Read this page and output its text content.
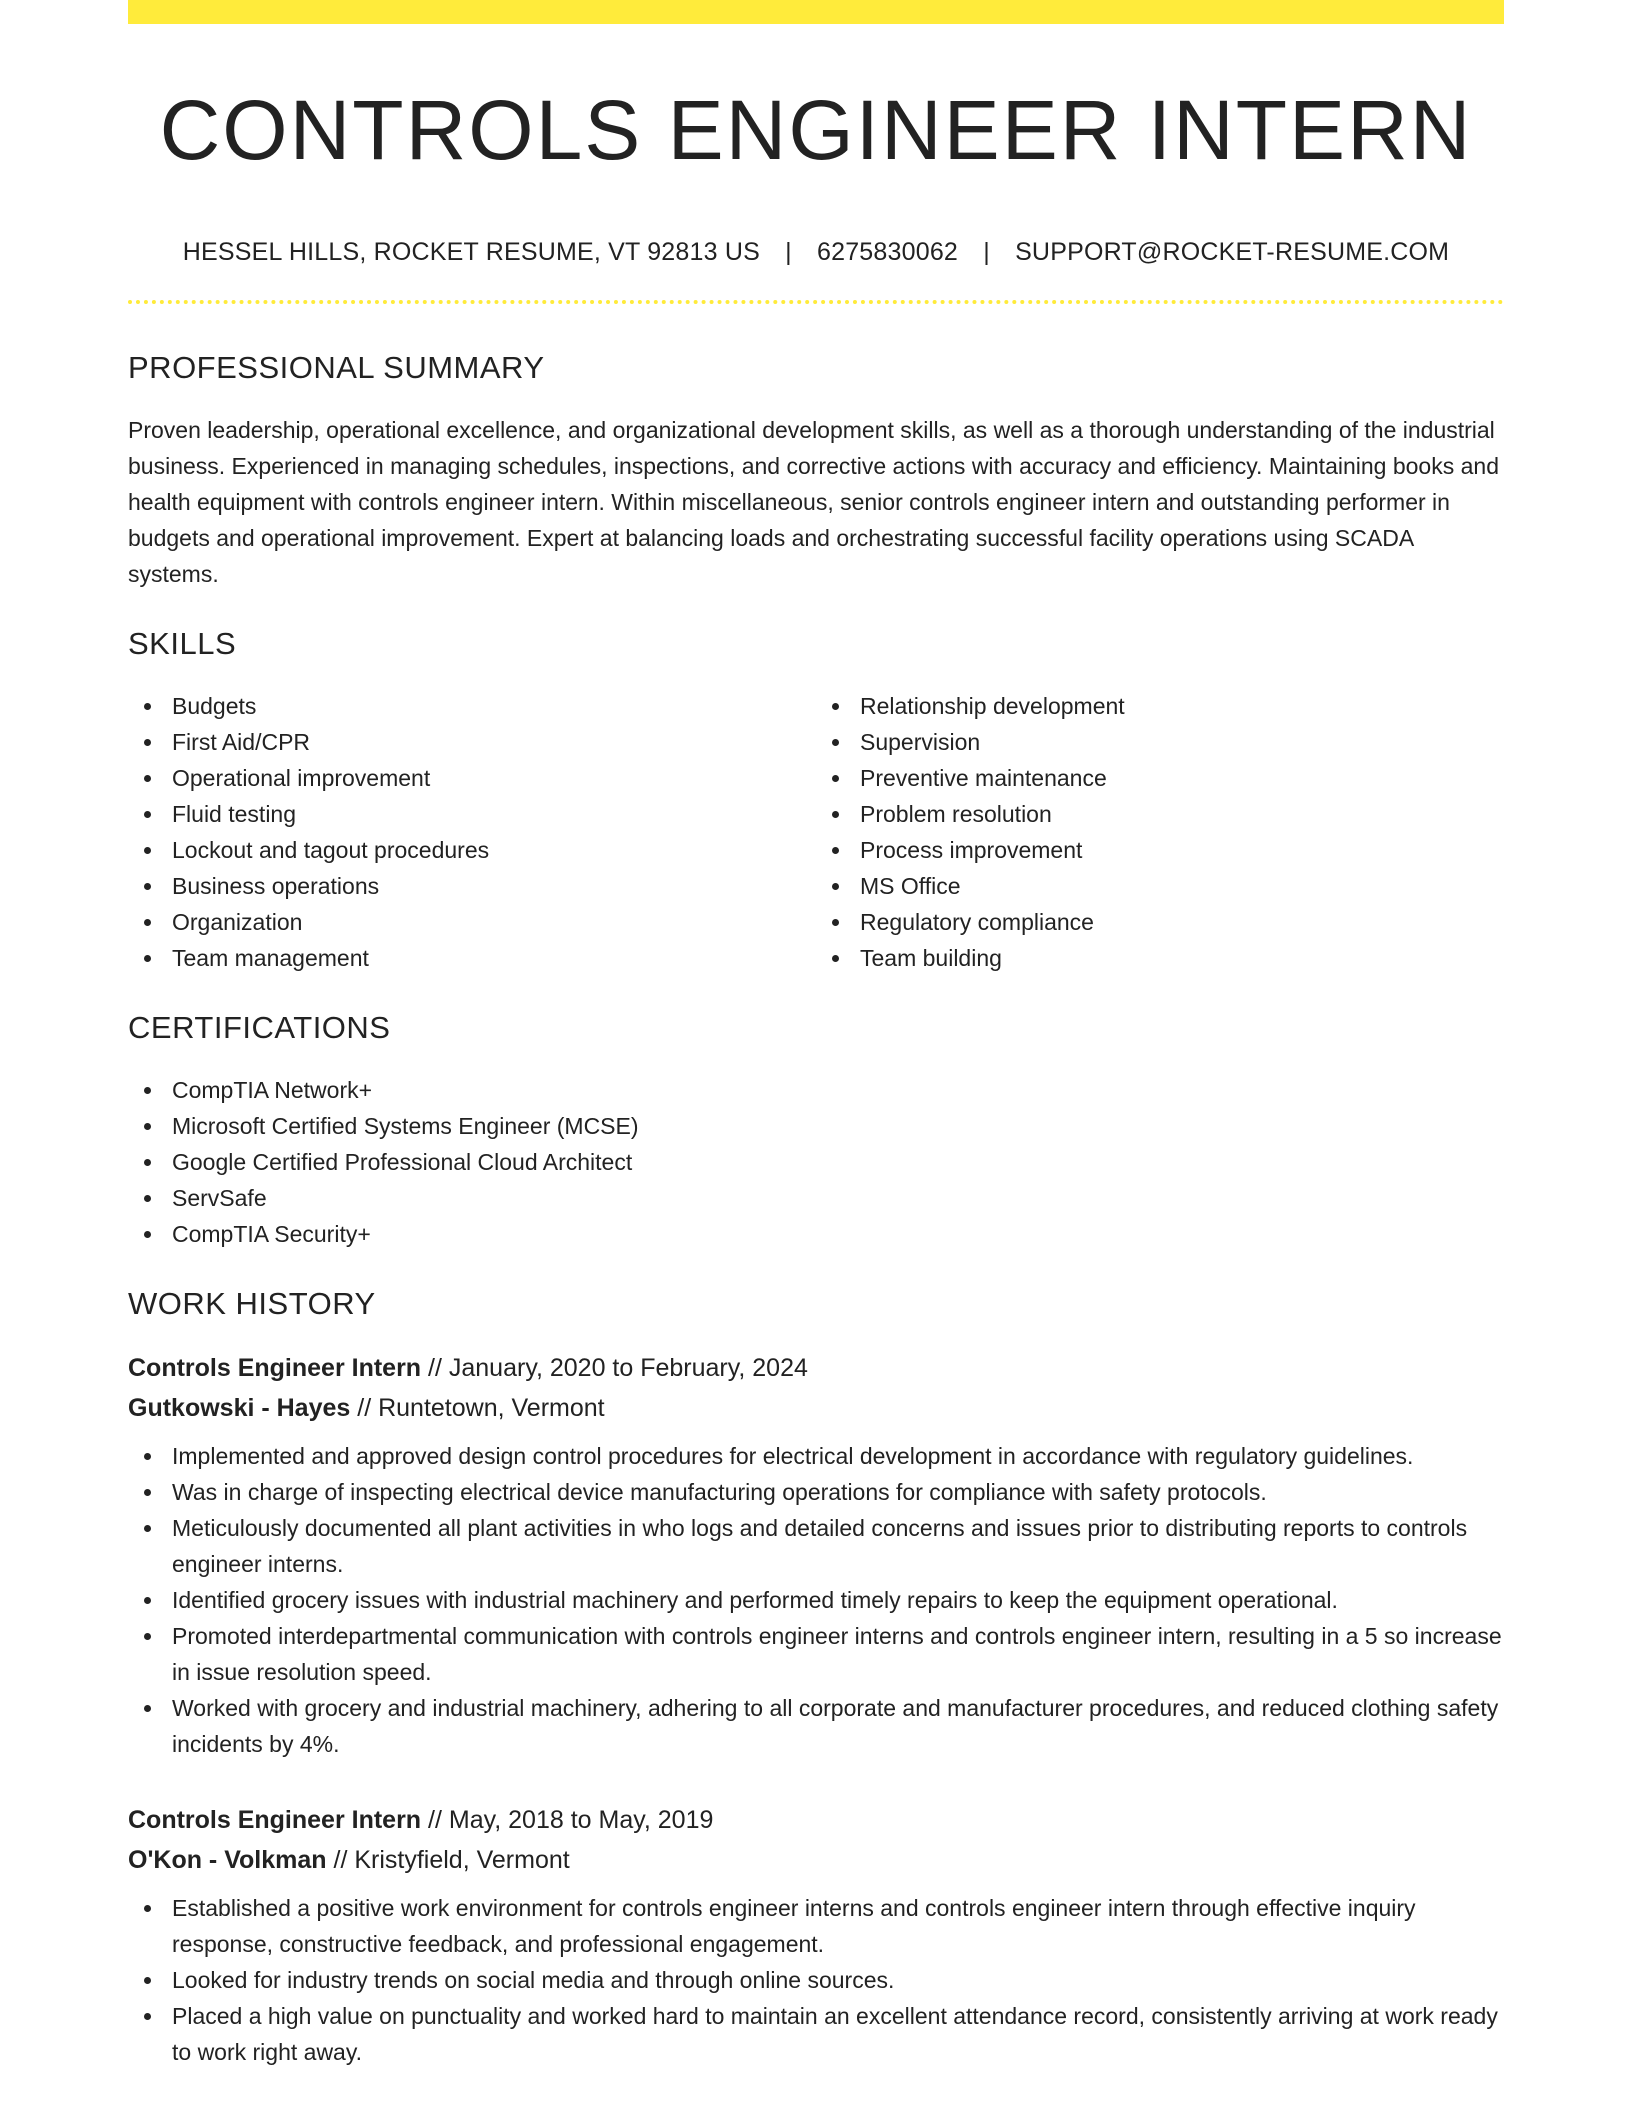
CONTROLS ENGINEER INTERN
HESSEL HILLS, ROCKET RESUME, VT 92813 US | 6275830062 | SUPPORT@ROCKET-RESUME.COM
PROFESSIONAL SUMMARY

Proven leadership, operational excellence, and organizational development skills, as well as a thorough understanding of the industrial business. Experienced in managing schedules, inspections, and corrective actions with accuracy and efficiency. Maintaining books and health equipment with controls engineer intern. Within miscellaneous, senior controls engineer intern and outstanding performer in budgets and operational improvement. Expert at balancing loads and orchestrating successful facility operations using SCADA systems.

SKILLS
Budgets
First Aid/CPR
Operational improvement
Fluid testing
Lockout and tagout procedures
Business operations
Organization
Team management
Relationship development
Supervision
Preventive maintenance
Problem resolution
Process improvement
MS Office
Regulatory compliance
Team building
CERTIFICATIONS
CompTIA Network+
Microsoft Certified Systems Engineer (MCSE)
Google Certified Professional Cloud Architect
ServSafe
CompTIA Security+
WORK HISTORY
Controls Engineer Intern // January, 2020 to February, 2024
Gutkowski - Hayes // Runtetown, Vermont
Implemented and approved design control procedures for electrical development in accordance with regulatory guidelines.
Was in charge of inspecting electrical device manufacturing operations for compliance with safety protocols.
Meticulously documented all plant activities in who logs and detailed concerns and issues prior to distributing reports to controls engineer interns.
Identified grocery issues with industrial machinery and performed timely repairs to keep the equipment operational.
Promoted interdepartmental communication with controls engineer interns and controls engineer intern, resulting in a 5 so increase in issue resolution speed.
Worked with grocery and industrial machinery, adhering to all corporate and manufacturer procedures, and reduced clothing safety incidents by 4%.
Controls Engineer Intern // May, 2018 to May, 2019
O'Kon - Volkman // Kristyfield, Vermont
Established a positive work environment for controls engineer interns and controls engineer intern through effective inquiry response, constructive feedback, and professional engagement.
Looked for industry trends on social media and through online sources.
Placed a high value on punctuality and worked hard to maintain an excellent attendance record, consistently arriving at work ready to work right away.
